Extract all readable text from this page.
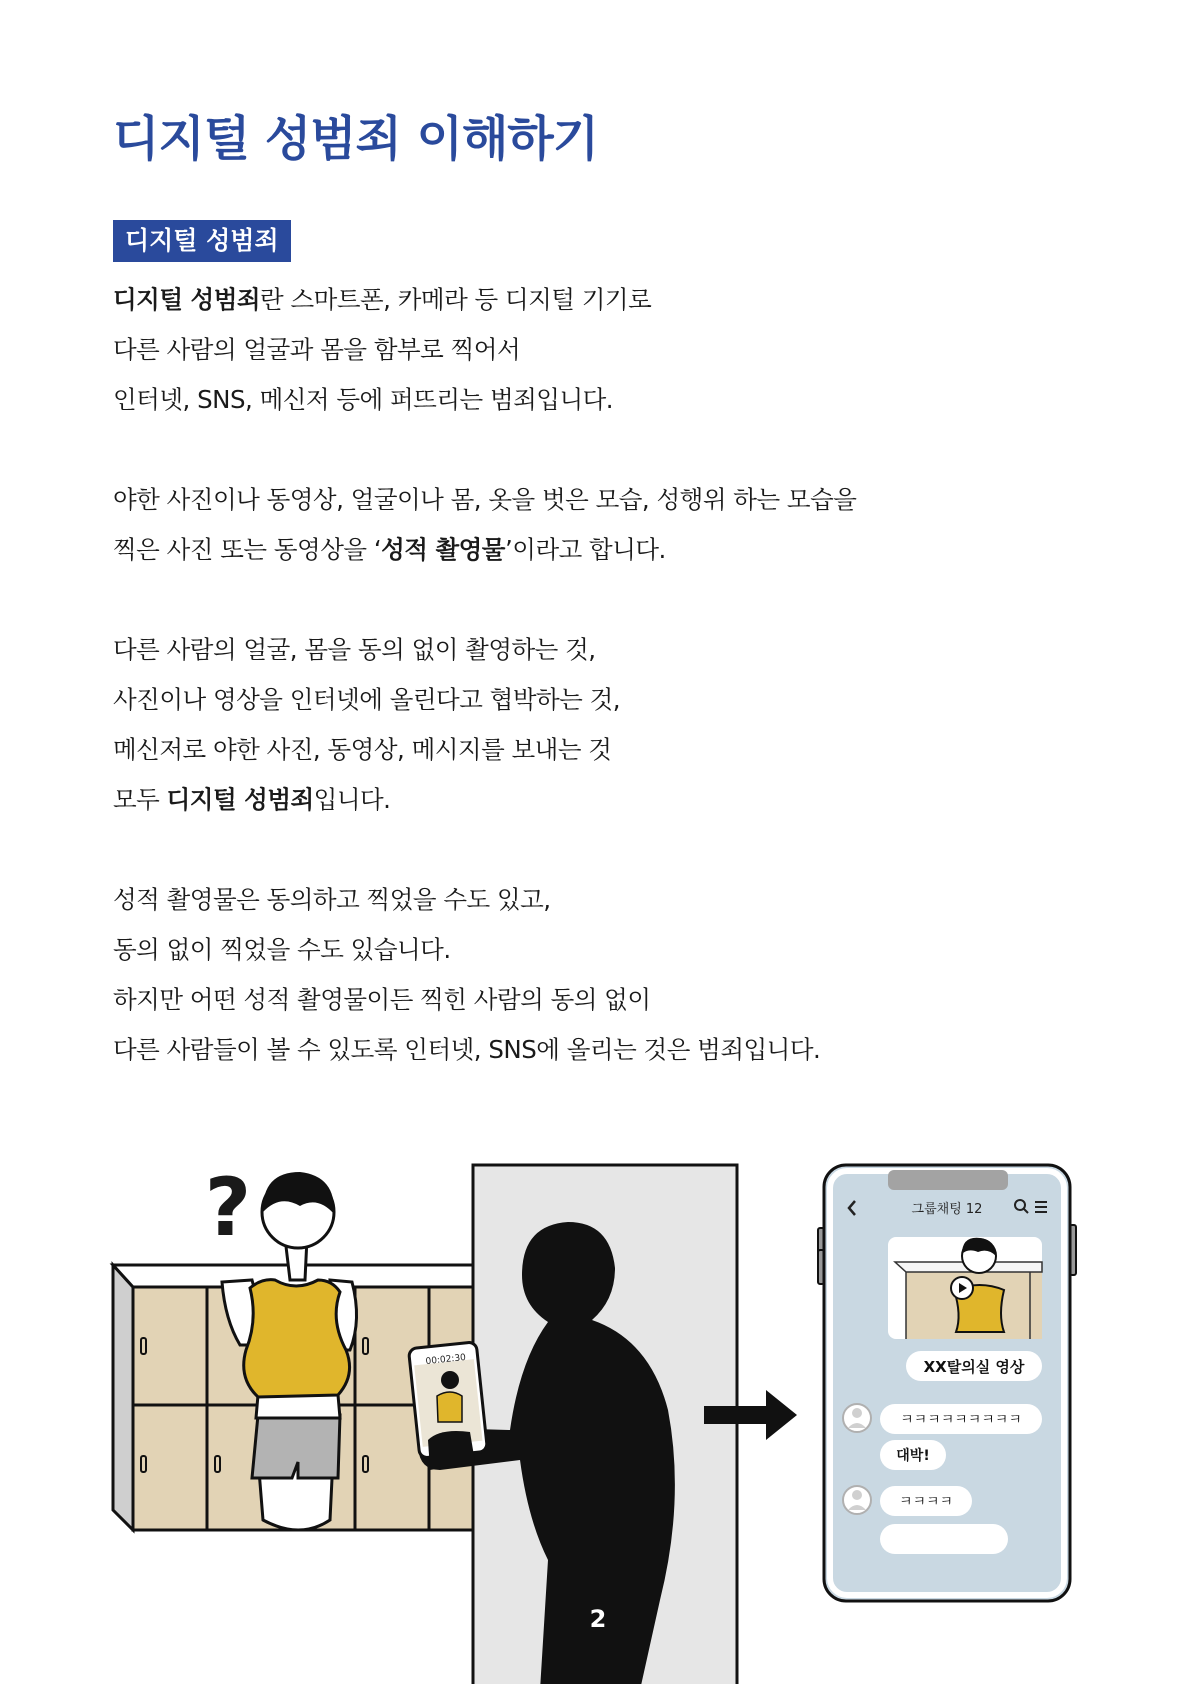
디지털 성범죄 이해하기
디지털 성범죄

디지털 성범죄란 스마트폰, 카메라 등 디지털 기기로
다른 사람의 얼굴과 몸을 함부로 찍어서
인터넷, SNS, 메신저 등에 퍼뜨리는 범죄입니다.

야한 사진이나 동영상, 얼굴이나 몸, 옷을 벗은 모습, 성행위 하는 모습을
찍은 사진 또는 동영상을 ‘성적 촬영물’이라고 합니다.

다른 사람의 얼굴, 몸을 동의 없이 촬영하는 것,
사진이나 영상을 인터넷에 올린다고 협박하는 것,
메신저로 야한 사진, 동영상, 메시지를 보내는 것
모두 디지털 성범죄입니다.

성적 촬영물은 동의하고 찍었을 수도 있고,
동의 없이 찍었을 수도 있습니다.
하지만 어떤 성적 촬영물이든 찍힌 사람의 동의 없이
다른 사람들이 볼 수 있도록 인터넷, SNS에 올리는 것은 범죄입니다.

?
00:02:30
그룹채팅 12
XX탈의실 영상
ㅋㅋㅋㅋㅋㅋㅋㅋㅋ
대박!
ㅋㅋㅋㅋ
2
